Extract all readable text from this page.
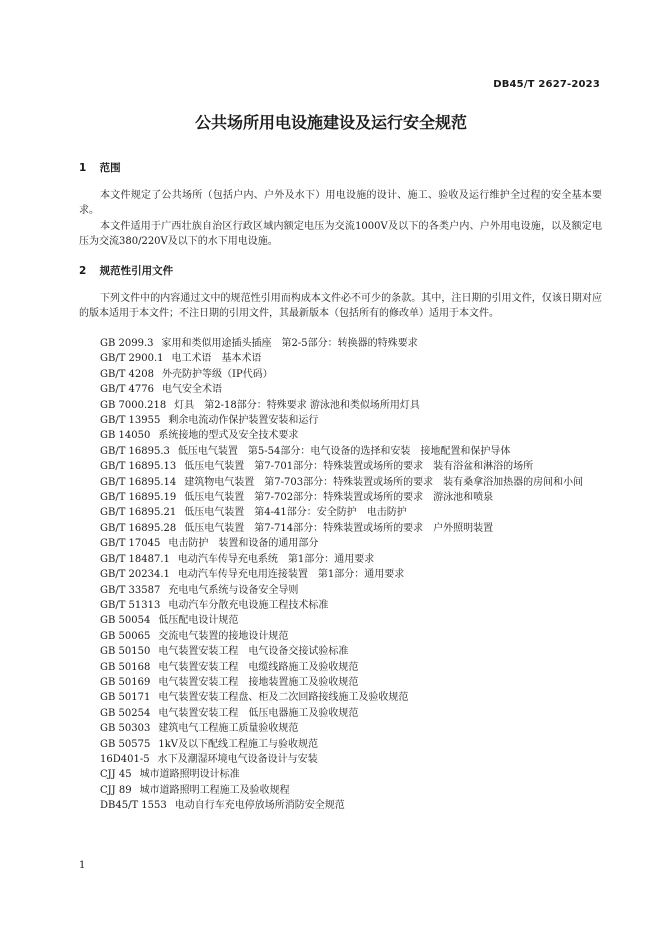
DB45/T 2627-2023
公共场所用电设施建设及运行安全规范
1 范围

本文件规定了公共场所（包括户内、户外及水下）用电设施的设计、施工、验收及运行维护全过程的安全基本要求。

本文件适用于广西壮族自治区行政区域内额定电压为交流1000V及以下的各类户内、户外用电设施，以及额定电压为交流380/220V及以下的水下用电设施。

2 规范性引用文件

下列文件中的内容通过文中的规范性引用而构成本文件必不可少的条款。其中，注日期的引用文件，仅该日期对应的版本适用于本文件；不注日期的引用文件，其最新版本（包括所有的修改单）适用于本文件。

GB 2099.3 家用和类似用途插头插座　第2-5部分：转换器的特殊要求
GB/T 2900.1 电工术语　基本术语
GB/T 4208 外壳防护等级（IP代码）
GB/T 4776 电气安全术语
GB 7000.218 灯具　第2-18部分：特殊要求 游泳池和类似场所用灯具
GB/T 13955 剩余电流动作保护装置安装和运行
GB 14050 系统接地的型式及安全技术要求
GB/T 16895.3 低压电气装置　第5-54部分：电气设备的选择和安装　接地配置和保护导体
GB/T 16895.13 低压电气装置　第7-701部分：特殊装置或场所的要求　装有浴盆和淋浴的场所
GB/T 16895.14 建筑物电气装置　第7-703部分：特殊装置或场所的要求　装有桑拿浴加热器的房间和小间
GB/T 16895.19 低压电气装置　第7-702部分：特殊装置或场所的要求　游泳池和喷泉
GB/T 16895.21 低压电气装置　第4-41部分：安全防护　电击防护
GB/T 16895.28 低压电气装置　第7-714部分：特殊装置或场所的要求　户外照明装置
GB/T 17045 电击防护　装置和设备的通用部分
GB/T 18487.1 电动汽车传导充电系统　第1部分：通用要求
GB/T 20234.1 电动汽车传导充电用连接装置　第1部分：通用要求
GB/T 33587 充电电气系统与设备安全导则
GB/T 51313 电动汽车分散充电设施工程技术标准
GB 50054 低压配电设计规范
GB 50065 交流电气装置的接地设计规范
GB 50150 电气装置安装工程　电气设备交接试验标准
GB 50168 电气装置安装工程　电缆线路施工及验收规范
GB 50169 电气装置安装工程　接地装置施工及验收规范
GB 50171 电气装置安装工程盘、柜及二次回路接线施工及验收规范
GB 50254 电气装置安装工程　低压电器施工及验收规范
GB 50303 建筑电气工程施工质量验收规范
GB 50575 1kV及以下配线工程施工与验收规范
16D401-5 水下及潮湿环境电气设备设计与安装
CJJ 45 城市道路照明设计标准
CJJ 89 城市道路照明工程施工及验收规程
DB45/T 1553 电动自行车充电停放场所消防安全规范
1
